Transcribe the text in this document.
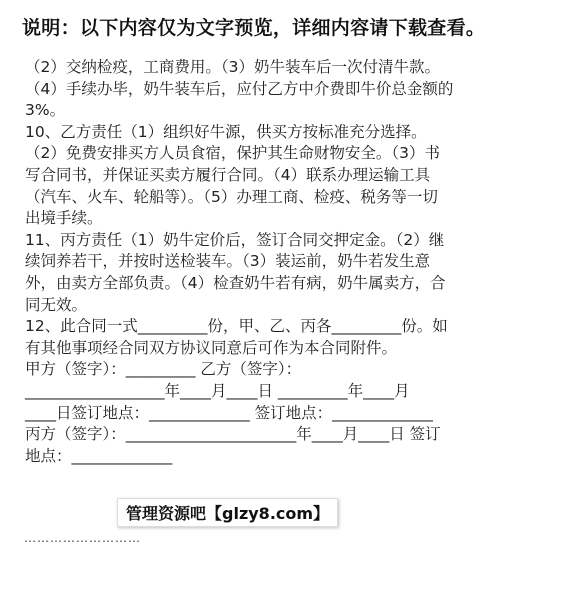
说明：以下内容仅为文字预览，详细内容请下载查看。
（2）交纳检疫，工商费用。（3）奶牛装车后一次付清牛款。
（4）手续办毕，奶牛装车后，应付乙方中介费即牛价总金额的
3%。
10、乙方责任（1）组织好牛源，供买方按标准充分选择。
（2）免费安排买方人员食宿，保护其生命财物安全。（3）书
写合同书，并保证买卖方履行合同。（4）联系办理运输工具
（汽车、火车、轮船等）。（5）办理工商、检疫、税务等一切
出境手续。
11、丙方责任（1）奶牛定价后，签订合同交押定金。（2）继
续饲养若干，并按时送检装车。（3）装运前，奶牛若发生意
外，由卖方全部负责。（4）检查奶牛若有病，奶牛属卖方，合
同无效。
12、此合同一式_________份，甲、乙、丙各_________份。如
有其他事项经合同双方协议同意后可作为本合同附件。
甲方（签字）：_________ 乙方（签字）：
__________________年____月____日 _________年____月
____日签订地点：_____________ 签订地点：_____________
丙方（签字）：______________________年____月____日 签订
地点：_____________
管理资源吧【glzy8.com】
………………………
